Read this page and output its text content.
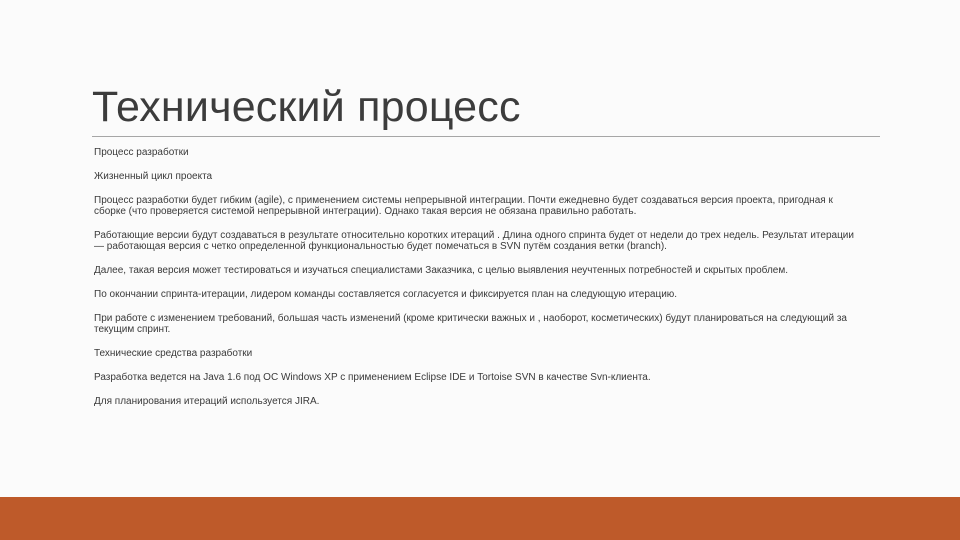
Технический процесс

Процесс разработки

Жизненный цикл проекта

Процесс разработки будет гибким (agile), с применением системы непрерывной интеграции. Почти ежедневно будет создаваться версия проекта, пригодная к сборке (что проверяется системой непрерывной интеграции). Однако такая версия не обязана правильно работать.

Работающие версии будут создаваться в результате относительно коротких итераций . Длина одного спринта будет от недели до трех недель. Результат итерации — работающая версия с четко определенной функциональностью будет помечаться в SVN путём создания ветки (branch).

Далее, такая версия может тестироваться и изучаться специалистами Заказчика, с целью выявления неучтенных потребностей и скрытых проблем.

По окончании спринта-итерации, лидером команды составляется согласуется и фиксируется план на следующую итерацию.

При работе с изменением требований, большая часть изменений (кроме критически важных и , наоборот, косметических) будут планироваться на следующий за текущим спринт.

Технические средства разработки

Разработка ведется на Java 1.6 под ОС Windows XP с применением Eclipse IDE и Tortoise SVN в качестве Svn-клиента.

Для планирования итераций используется JIRA.
